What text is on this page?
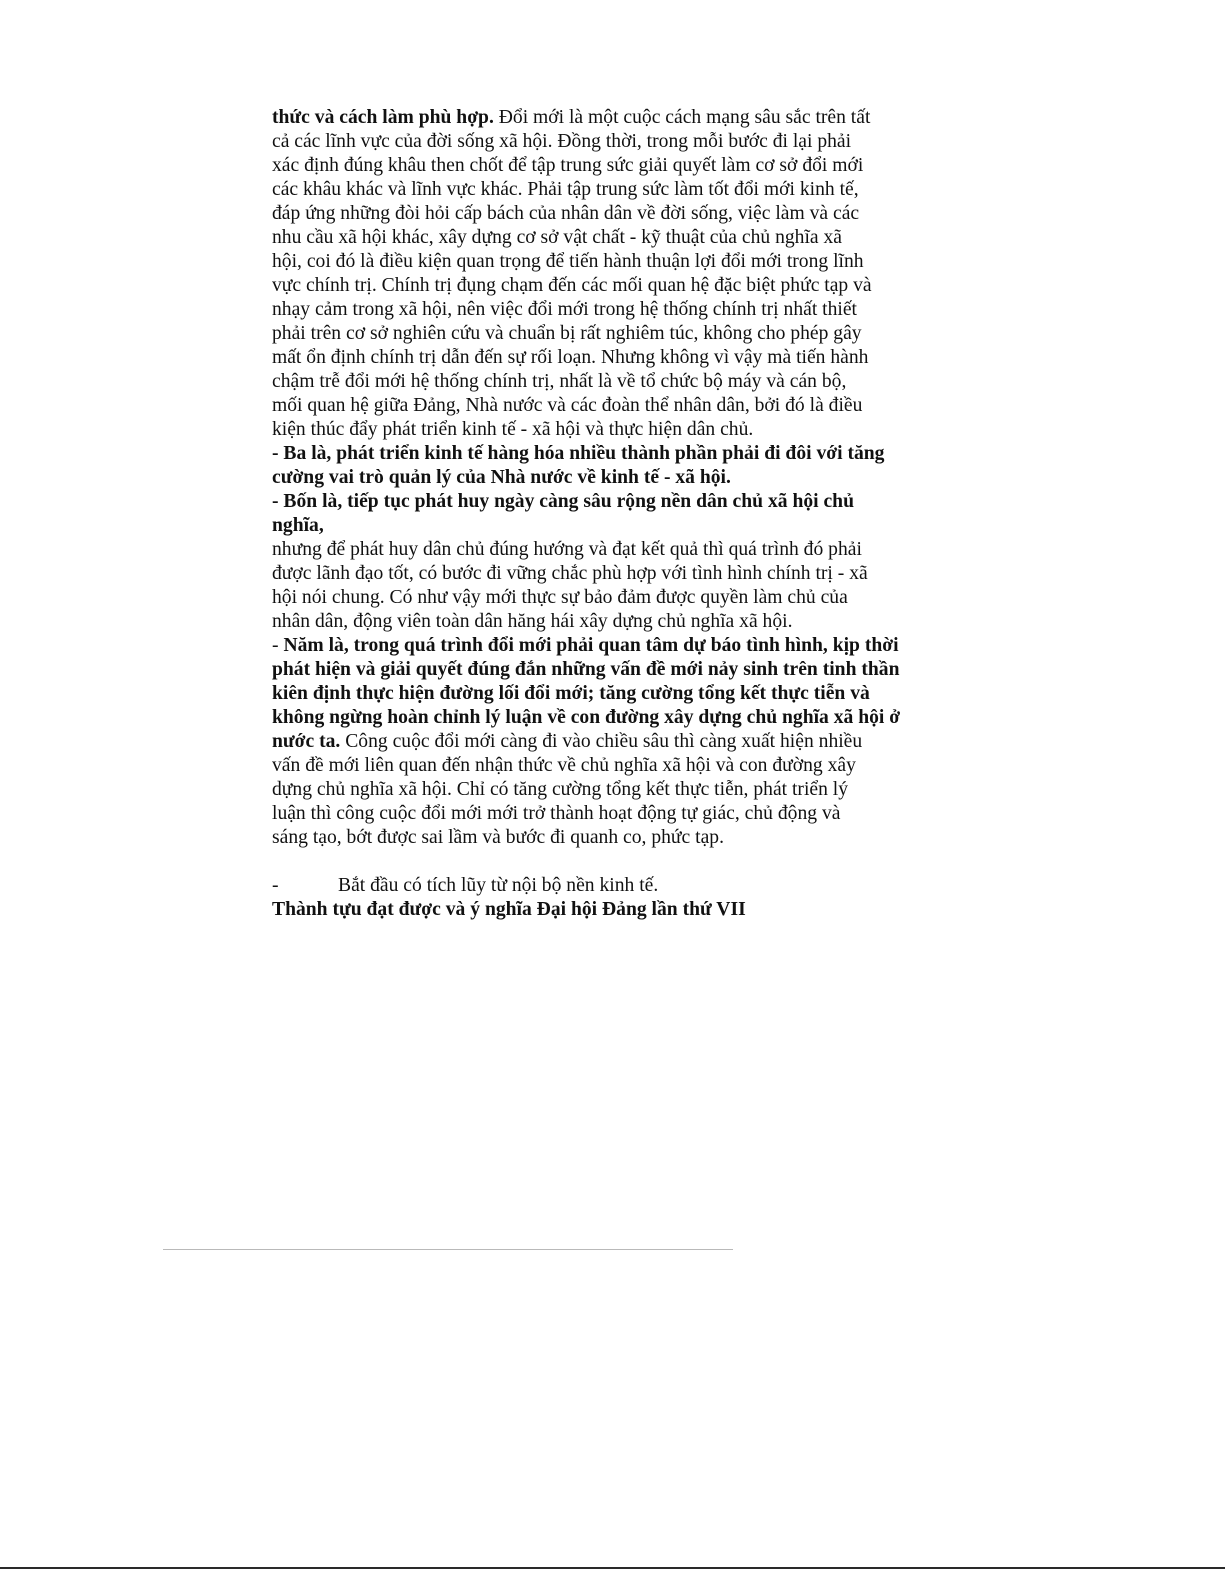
thức và cách làm phù hợp. Đổi mới là một cuộc cách mạng sâu sắc trên tất
cả các lĩnh vực của đời sống xã hội. Đồng thời, trong mỗi bước đi lại phải
xác định đúng khâu then chốt để tập trung sức giải quyết làm cơ sở đổi mới
các khâu khác và lĩnh vực khác. Phải tập trung sức làm tốt đổi mới kinh tế,
đáp ứng những đòi hỏi cấp bách của nhân dân về đời sống, việc làm và các
nhu cầu xã hội khác, xây dựng cơ sở vật chất - kỹ thuật của chủ nghĩa xã
hội, coi đó là điều kiện quan trọng để tiến hành thuận lợi đổi mới trong lĩnh
vực chính trị. Chính trị đụng chạm đến các mối quan hệ đặc biệt phức tạp và
nhạy cảm trong xã hội, nên việc đổi mới trong hệ thống chính trị nhất thiết
phải trên cơ sở nghiên cứu và chuẩn bị rất nghiêm túc, không cho phép gây
mất ổn định chính trị dẫn đến sự rối loạn. Nhưng không vì vậy mà tiến hành
chậm trễ đổi mới hệ thống chính trị, nhất là về tổ chức bộ máy và cán bộ,
mối quan hệ giữa Đảng, Nhà nước và các đoàn thể nhân dân, bởi đó là điều
kiện thúc đẩy phát triển kinh tế - xã hội và thực hiện dân chủ.
- Ba là, phát triển kinh tế hàng hóa nhiều thành phần phải đi đôi với tăng
cường vai trò quản lý của Nhà nước về kinh tế - xã hội.
- Bốn là, tiếp tục phát huy ngày càng sâu rộng nền dân chủ xã hội chủ
nghĩa,
nhưng để phát huy dân chủ đúng hướng và đạt kết quả thì quá trình đó phải
được lãnh đạo tốt, có bước đi vững chắc phù hợp với tình hình chính trị - xã
hội nói chung. Có như vậy mới thực sự bảo đảm được quyền làm chủ của
nhân dân, động viên toàn dân hăng hái xây dựng chủ nghĩa xã hội.
- Năm là, trong quá trình đổi mới phải quan tâm dự báo tình hình, kịp thời
phát hiện và giải quyết đúng đắn những vấn đề mới nảy sinh trên tinh thần
kiên định thực hiện đường lối đổi mới; tăng cường tổng kết thực tiễn và
không ngừng hoàn chỉnh lý luận về con đường xây dựng chủ nghĩa xã hội ở
nước ta. Công cuộc đổi mới càng đi vào chiều sâu thì càng xuất hiện nhiều
vấn đề mới liên quan đến nhận thức về chủ nghĩa xã hội và con đường xây
dựng chủ nghĩa xã hội. Chỉ có tăng cường tổng kết thực tiễn, phát triển lý
luận thì công cuộc đổi mới mới trở thành hoạt động tự giác, chủ động và
sáng tạo, bớt được sai lầm và bước đi quanh co, phức tạp.
-	Bắt đầu có tích lũy từ nội bộ nền kinh tế.
Thành tựu đạt được và ý nghĩa Đại hội Đảng lần thứ VII
